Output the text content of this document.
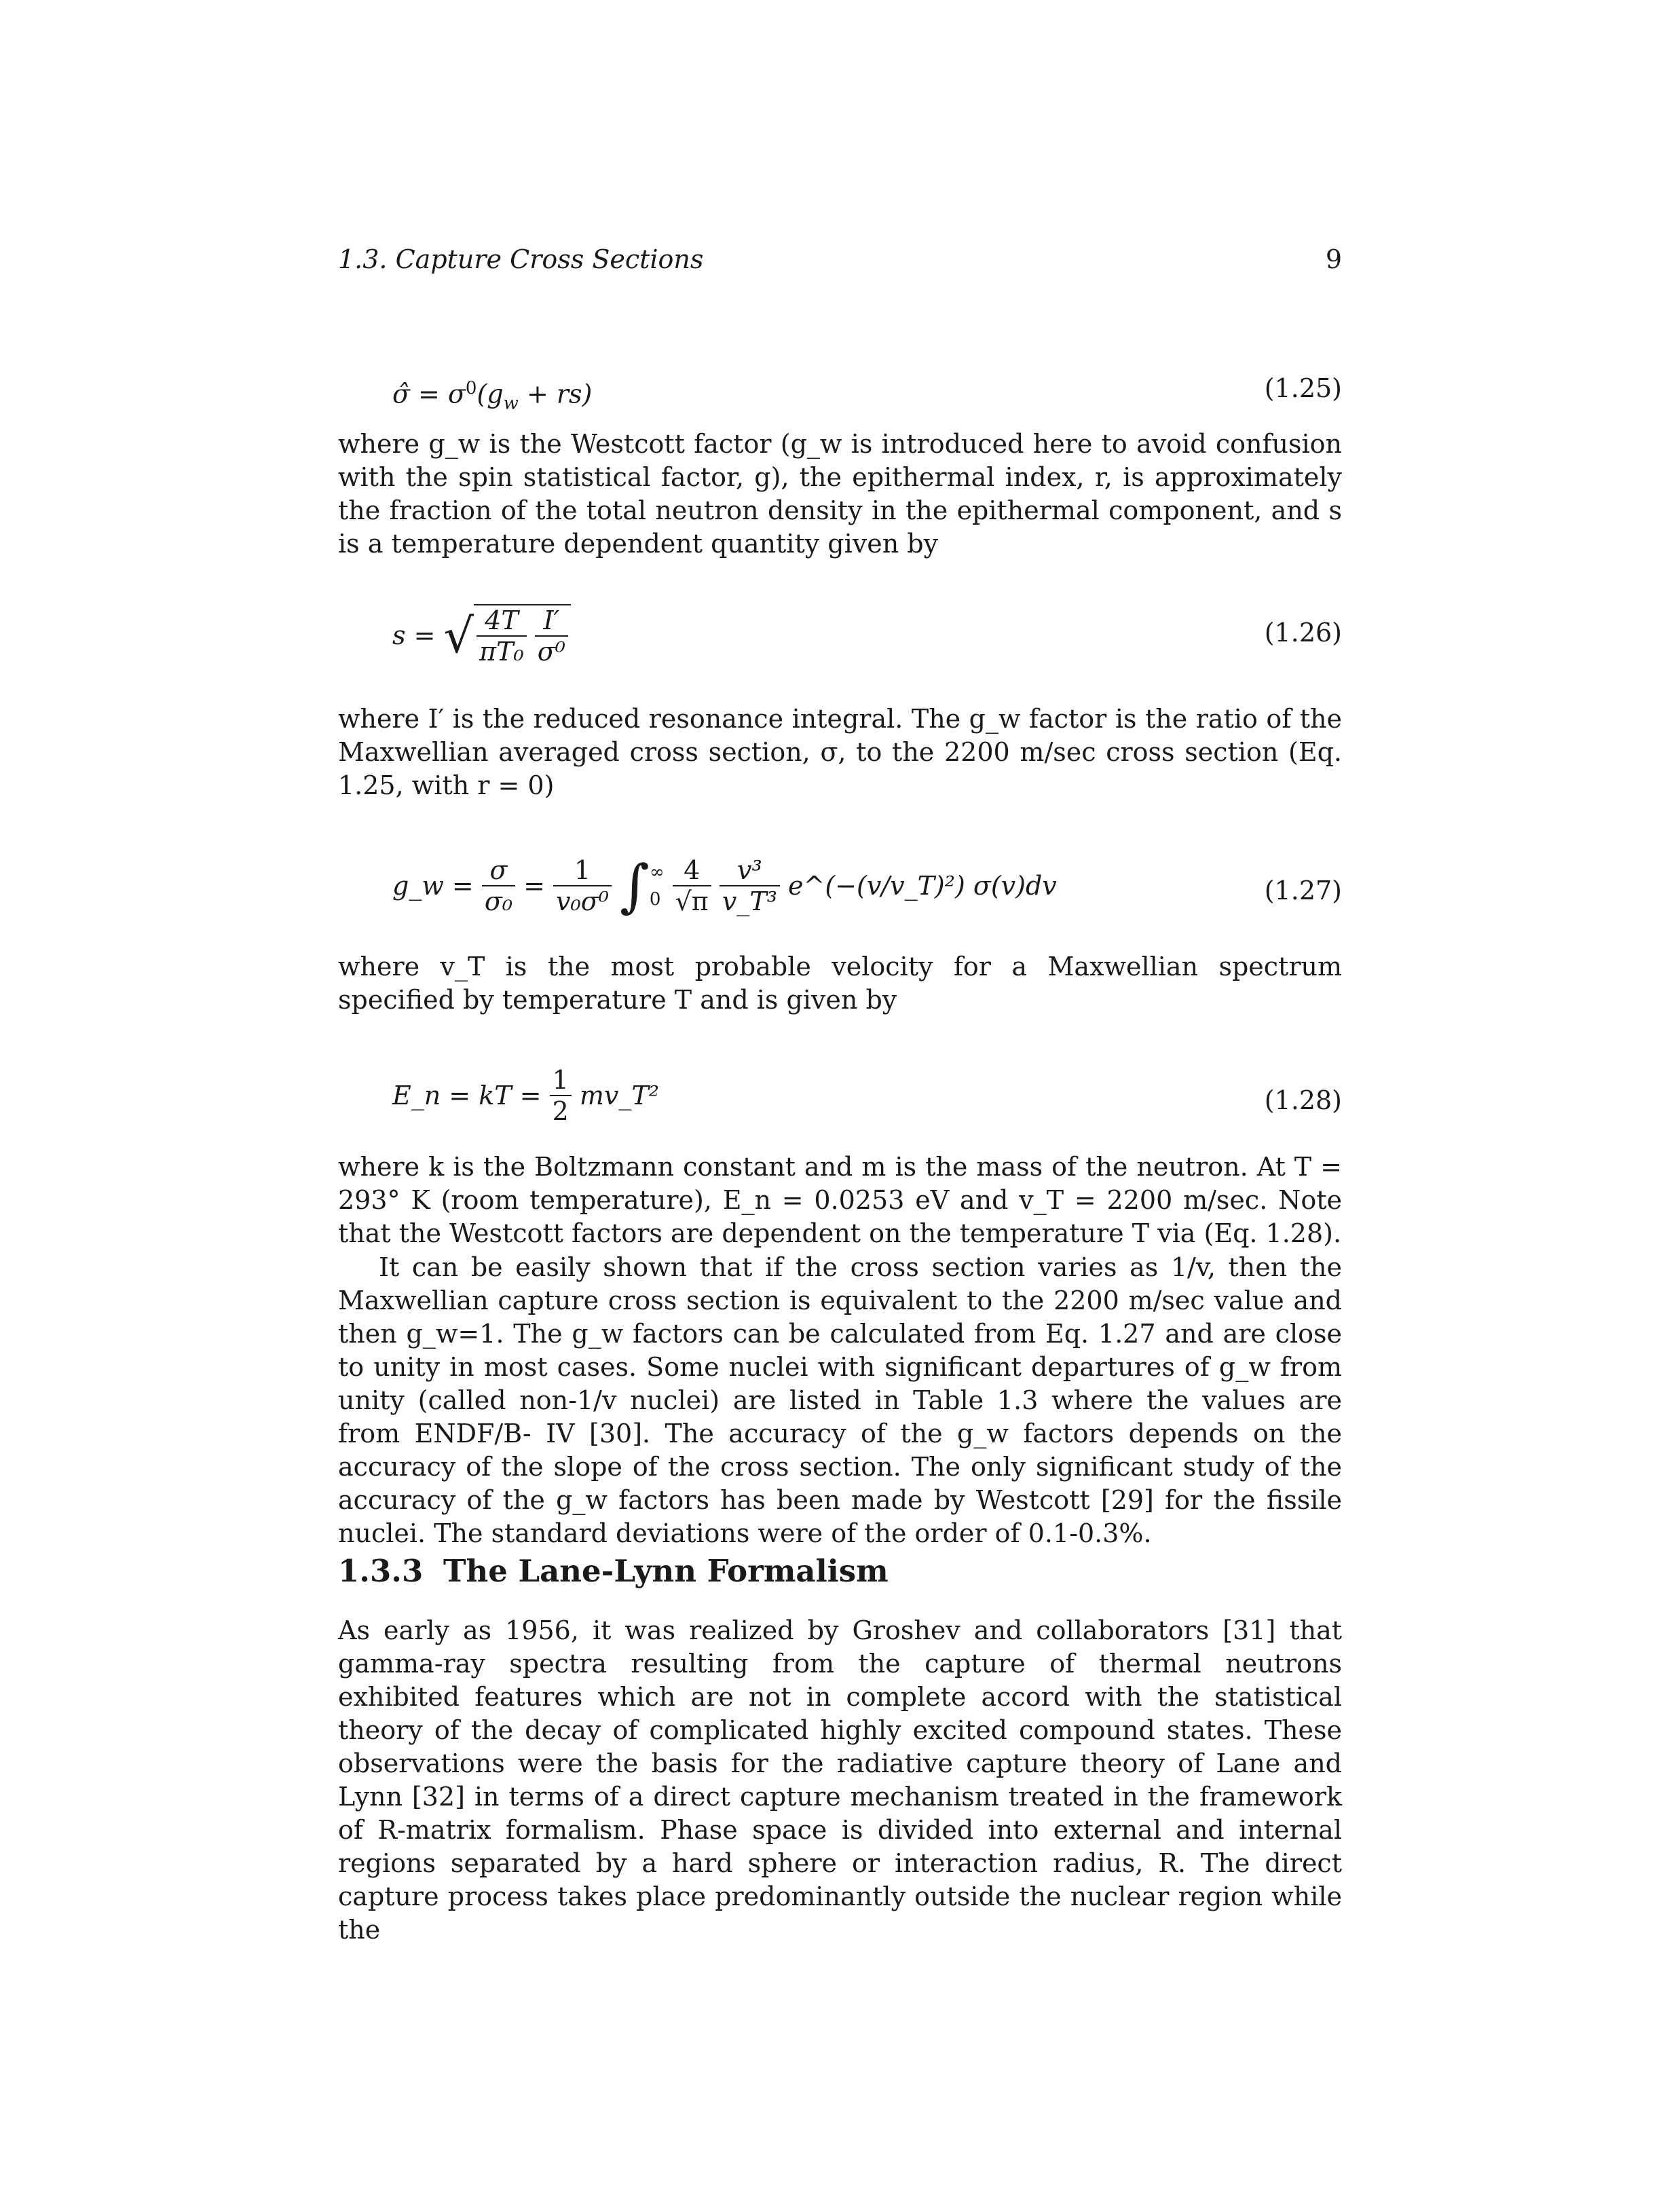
1.3. Capture Cross Sections	9
σ̂ = $\sigma^0(g_w + rs)$	(1.25)

where g_w is the Westcott factor (g_w is introduced here to avoid confusion with the spin statistical factor, g), the epithermal index, r, is approximately the fraction of the total neutron density in the epithermal component, and s is a temperature dependent quantity given by

s = √ $\frac{4T}{\text{πT₀}}$
$\frac{I'}{\text{σ⁰}}$	(1.26)

where I′ is the reduced resonance integral. The g_w factor is the ratio of the Maxwellian averaged cross section, σ, to the 2200 m/sec cross section (Eq. 1.25, with r = 0)

g_w = $\frac{\sigma}{\text{σ₀}} = \frac{1}{\text{v₀σ⁰}}$ ∫ ∞
0
$\frac{4}{√\pi}$
$\frac{\text{v³}}{\text{v\_T³}}$ e^(−(v/v_T)²) σ(v)dv	(1.27)

where v_T is the most probable velocity for a Maxwellian spectrum specified by temperature T and is given by

E_n = kT = $\frac{1}{2}$ mv_T²	(1.28)

where k is the Boltzmann constant and m is the mass of the neutron. At T = 293° K (room temperature), E_n = 0.0253 eV and v_T = 2200 m/sec. Note that the Westcott factors are dependent on the temperature T via (Eq. 1.28).

It can be easily shown that if the cross section varies as 1/v, then the Maxwellian capture cross section is equivalent to the 2200 m/sec value and then g_w=1. The g_w factors can be calculated from Eq. 1.27 and are close to unity in most cases. Some nuclei with significant departures of g_w from unity (called non-1/v nuclei) are listed in Table 1.3 where the values are from ENDF/B- IV [30]. The accuracy of the g_w factors depends on the accuracy of the slope of the cross section. The only significant study of the accuracy of the g_w factors has been made by Westcott [29] for the fissile nuclei. The standard deviations were of the order of 0.1-0.3%.

1.3.3 The Lane-Lynn Formalism

As early as 1956, it was realized by Groshev and collaborators [31] that gamma-ray spectra resulting from the capture of thermal neutrons exhibited features which are not in complete accord with the statistical theory of the decay of complicated highly excited compound states. These observations were the basis for the radiative capture theory of Lane and Lynn [32] in terms of a direct capture mechanism treated in the framework of R-matrix formalism. Phase space is divided into external and internal regions separated by a hard sphere or interaction radius, R. The direct capture process takes place predominantly outside the nuclear region while the
